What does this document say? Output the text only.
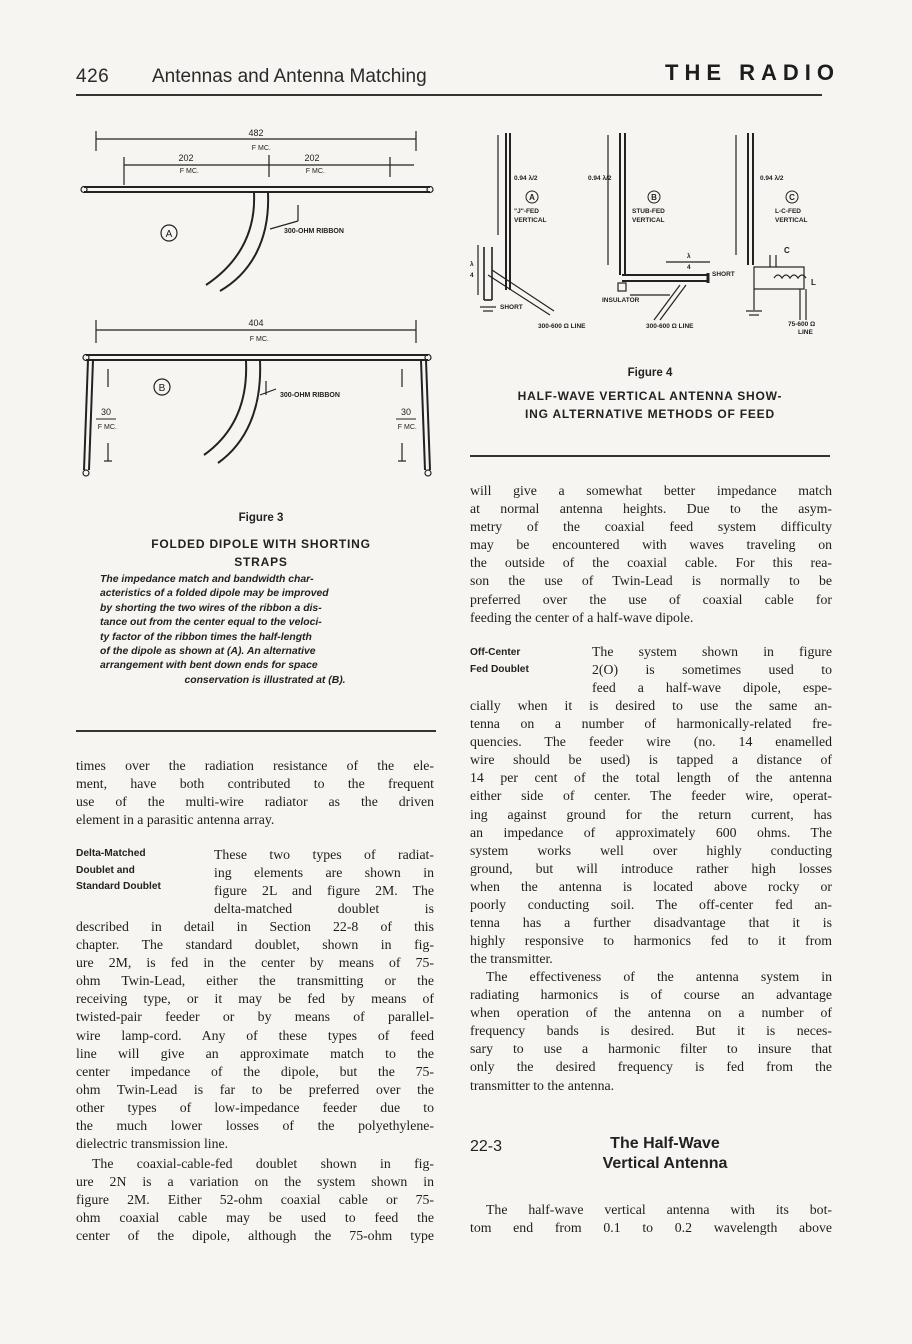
426 Antennas and Antenna Matching	THE RADIO
482
F MC.
202
F MC.
202
F MC.
A	300-OHM RIBBON
404
F MC.
B
300-OHM RIBBON
30
F MC.
30
F MC.
Figure 3
FOLDED DIPOLE WITH SHORTING
STRAPS
The impedance match and bandwidth char-
acteristics of a folded dipole may be improved
by shorting the two wires of the ribbon a dis-
tance out from the center equal to the veloci-
ty factor of the ribbon times the half-length
of the dipole as shown at (A). An alternative
arrangement with bent down ends for space
conservation is illustrated at (B).
0.94 λ/2	0.94 λ/2	0.94 λ/2
A	B	C
"J"-FED
VERTICAL
STUB-FED
VERTICAL
L-C-FED
VERTICAL
λ
4
λ
4
SHORT
SHORT
INSULATOR
300-600 Ω LINE	300-600 Ω LINE	75-600 Ω
LINE
C
L
Figure 4
HALF-WAVE VERTICAL ANTENNA SHOW-
ING ALTERNATIVE METHODS OF FEED
times over the radiation resistance of the ele-
ment, have both contributed to the frequent
use of the multi-wire radiator as the driven
element in a parasitic antenna array.
Delta-Matched
Doublet and
Standard Doublet
These two types of radiat-
ing elements are shown in
figure 2L and figure 2M. The
delta-matched doublet is
described in detail in Section 22-8 of this
chapter. The standard doublet, shown in fig-
ure 2M, is fed in the center by means of 75-
ohm Twin-Lead, either the transmitting or the
receiving type, or it may be fed by means of
twisted-pair feeder or by means of parallel-
wire lamp-cord. Any of these types of feed
line will give an approximate match to the
center impedance of the dipole, but the 75-
ohm Twin-Lead is far to be preferred over the
other types of low-impedance feeder due to
the much lower losses of the polyethylene-
dielectric transmission line.
The coaxial-cable-fed doublet shown in fig-
ure 2N is a variation on the system shown in
figure 2M. Either 52-ohm coaxial cable or 75-
ohm coaxial cable may be used to feed the
center of the dipole, although the 75-ohm type
will give a somewhat better impedance match
at normal antenna heights. Due to the asym-
metry of the coaxial feed system difficulty
may be encountered with waves traveling on
the outside of the coaxial cable. For this rea-
son the use of Twin-Lead is normally to be
preferred over the use of coaxial cable for
feeding the center of a half-wave dipole.
Off-Center
Fed Doublet
The system shown in figure
2(O) is sometimes used to
feed a half-wave dipole, espe-
cially when it is desired to use the same an-
tenna on a number of harmonically-related fre-
quencies. The feeder wire (no. 14 enamelled
wire should be used) is tapped a distance of
14 per cent of the total length of the antenna
either side of center. The feeder wire, operat-
ing against ground for the return current, has
an impedance of approximately 600 ohms. The
system works well over highly conducting
ground, but will introduce rather high losses
when the antenna is located above rocky or
poorly conducting soil. The off-center fed an-
tenna has a further disadvantage that it is
highly responsive to harmonics fed to it from
the transmitter.
The effectiveness of the antenna system in
radiating harmonics is of course an advantage
when operation of the antenna on a number of
frequency bands is desired. But it is neces-
sary to use a harmonic filter to insure that
only the desired frequency is fed from the
transmitter to the antenna.
22-3	The Half-Wave
Vertical Antenna
The half-wave vertical antenna with its bot-
tom end from 0.1 to 0.2 wavelength above
